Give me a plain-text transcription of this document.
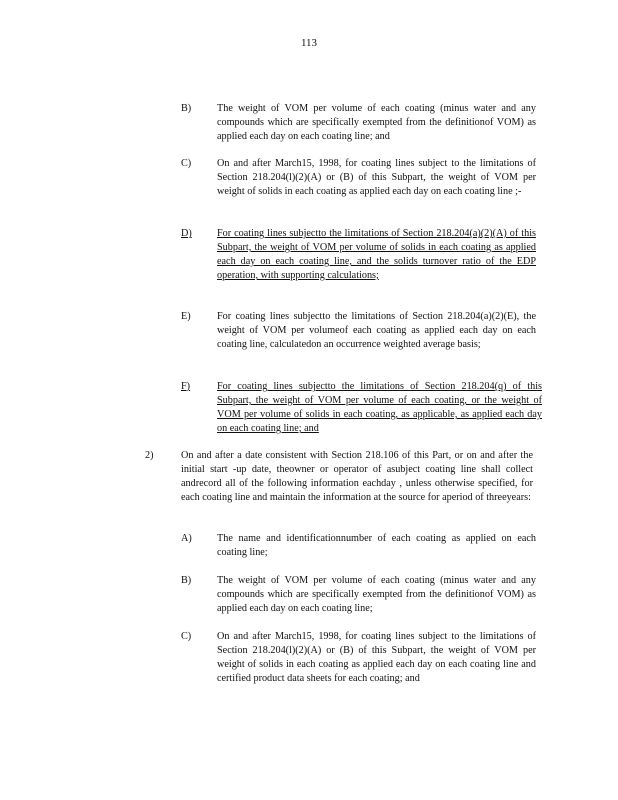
113
B)	The weight of VOM per volume of each coating (minus water and any compounds which are specifically exempted from the definitionof VOM) as applied each day on each coating line; and
C)	On and after March15, 1998, for coating lines subject to the limitations of Section 218.204(l)(2)(A) or (B) of this Subpart, the weight of VOM per weight of solids in each coating as applied each day on each coating line ;-
D) For coating lines subjectto the limitations of Section 218.204(a)(2)(A) of this Subpart, the weight of VOM per volume of solids in each coating as applied each day on each coating line, and the solids turnover ratio of the EDP operation, with supporting calculations;
E)	For coating lines subjectto the limitations of Section 218.204(a)(2)(E), the weight of VOM per volumeof each coating as applied each day on each coating line, calculatedon an occurrence weighted average basis;
F)	For coating lines subjectto the limitations of Section 218.204(q) of this Subpart, the weight of VOM per volume of each coating, or the weight of VOM per volume of solids in each coating, as applicable, as applied each day on each coating line; and
2)	On and after a date consistent with Section 218.106 of this Part, or on and after the initial start -up date, theowner or operator of asubject coating line shall collect andrecord all of the following information eachday , unless otherwise specified, for each coating line and maintain the information at the source for aperiod of threeyears:
A) The name and identificationnumber of each coating as applied on each coating line;
B)	The weight of VOM per volume of each coating (minus water and any compounds which are specifically exempted from the definitionof VOM) as applied each day on each coating line;
C)	On and after March15, 1998, for coating lines subject to the limitations of Section 218.204(l)(2)(A) or (B) of this Subpart, the weight of VOM per weight of solids in each coating as applied each day on each coating line and certified product data sheets for each coating; and
